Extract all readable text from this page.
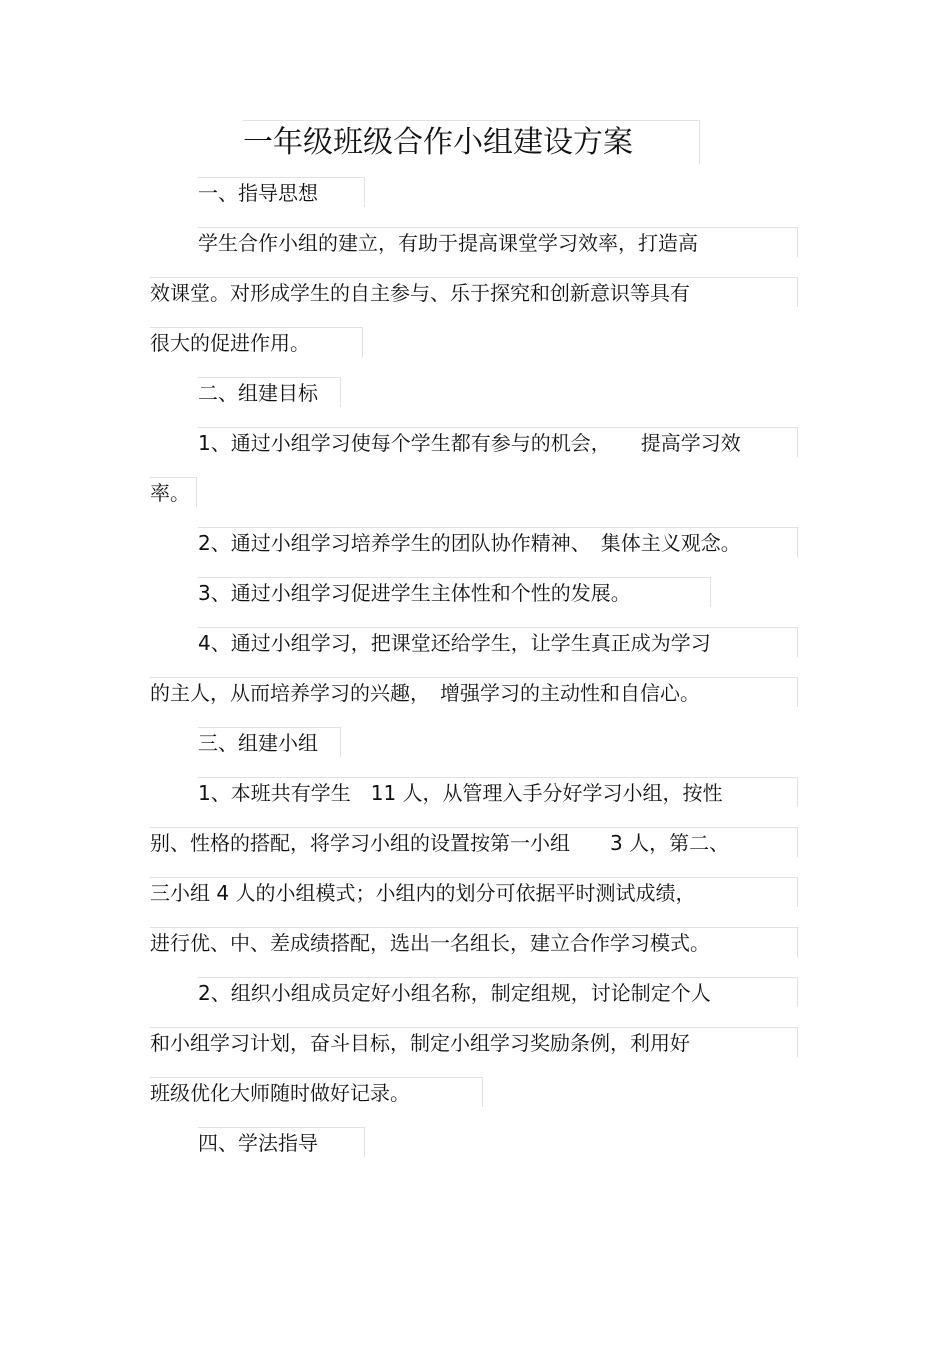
一年级班级合作小组建设方案
一、指导思想
学生合作小组的建立，有助于提高课堂学习效率，打造高
效课堂。对形成学生的自主参与、乐于探究和创新意识等具有
很大的促进作用。
二、组建目标
1、通过小组学习使每个学生都有参与的机会，　　提高学习效
率。
2、通过小组学习培养学生的团队协作精神、　集体主义观念。
3、通过小组学习促进学生主体性和个性的发展。
4、通过小组学习，把课堂还给学生，让学生真正成为学习
的主人，从而培养学习的兴趣，　增强学习的主动性和自信心。
三、组建小组
1、本班共有学生　11 人，从管理入手分好学习小组，按性
别、性格的搭配，将学习小组的设置按第一小组　　3 人，第二、
三小组 4 人的小组模式；小组内的划分可依据平时测试成绩，
进行优、中、差成绩搭配，选出一名组长，建立合作学习模式。
2、组织小组成员定好小组名称，制定组规，讨论制定个人
和小组学习计划，奋斗目标，制定小组学习奖励条例，利用好
班级优化大师随时做好记录。
四、学法指导
